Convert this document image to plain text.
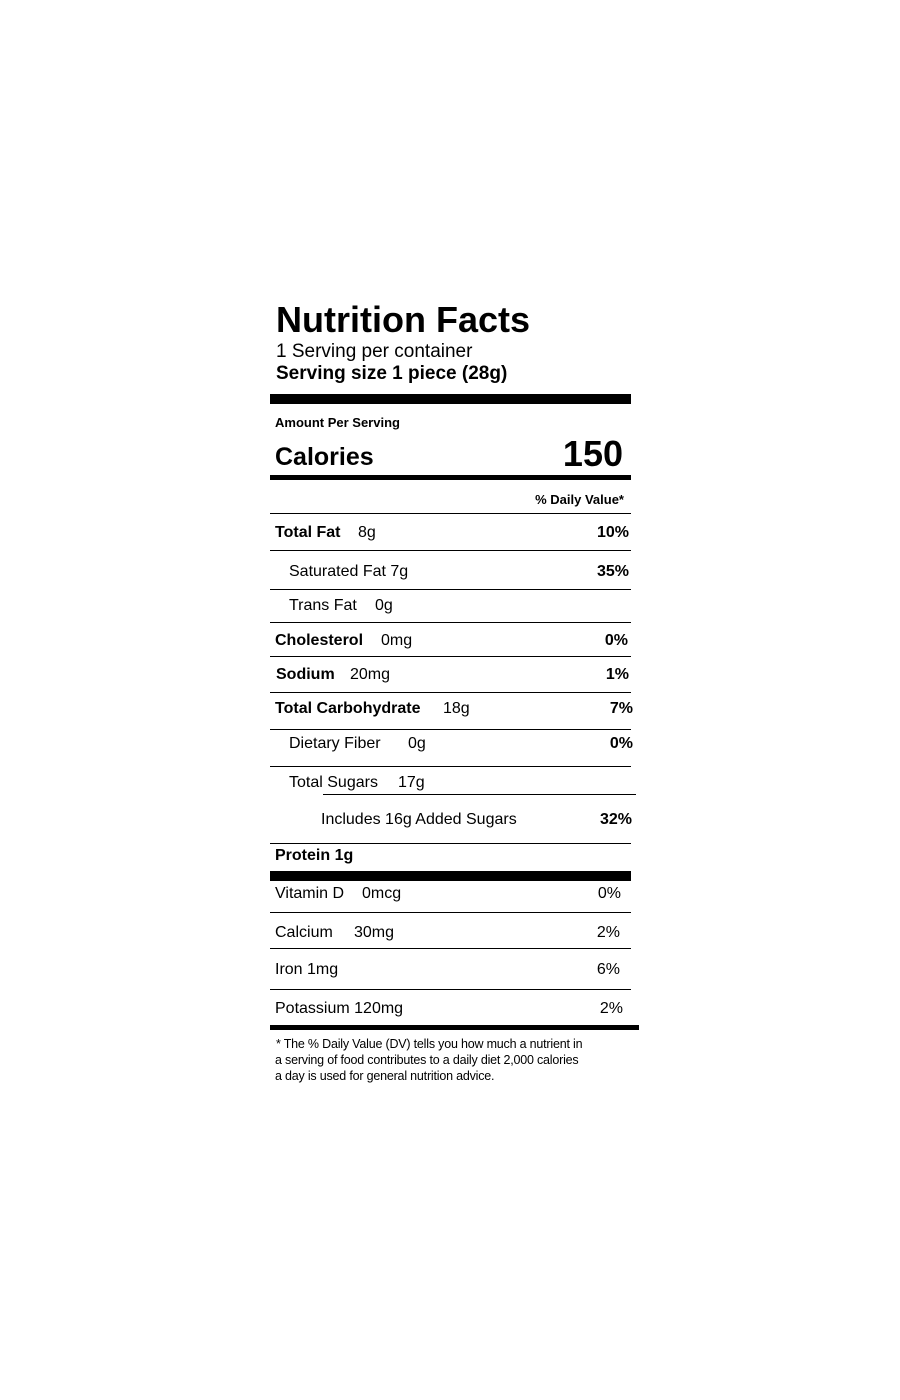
Nutrition Facts
1 Serving per container
Serving size 1 piece (28g)
Amount Per Serving
Calories	150
% Daily Value*
Total Fat 8g	10%
Saturated Fat 7g	35%
Trans Fat 0g
Cholesterol 0mg	0%
Sodium 20mg	1%
Total Carbohydrate 18g	7%
Dietary Fiber 0g	0%
Total Sugars 17g
Includes 16g Added Sugars	32%
Protein 1g
Vitamin D 0mcg	0%
Calcium 30mg	2%
Iron 1mg	6%
Potassium 120mg	2%
* The % Daily Value (DV) tells you how much a nutrient in
a serving of food contributes to a daily diet 2,000 calories
a day is used for general nutrition advice.
